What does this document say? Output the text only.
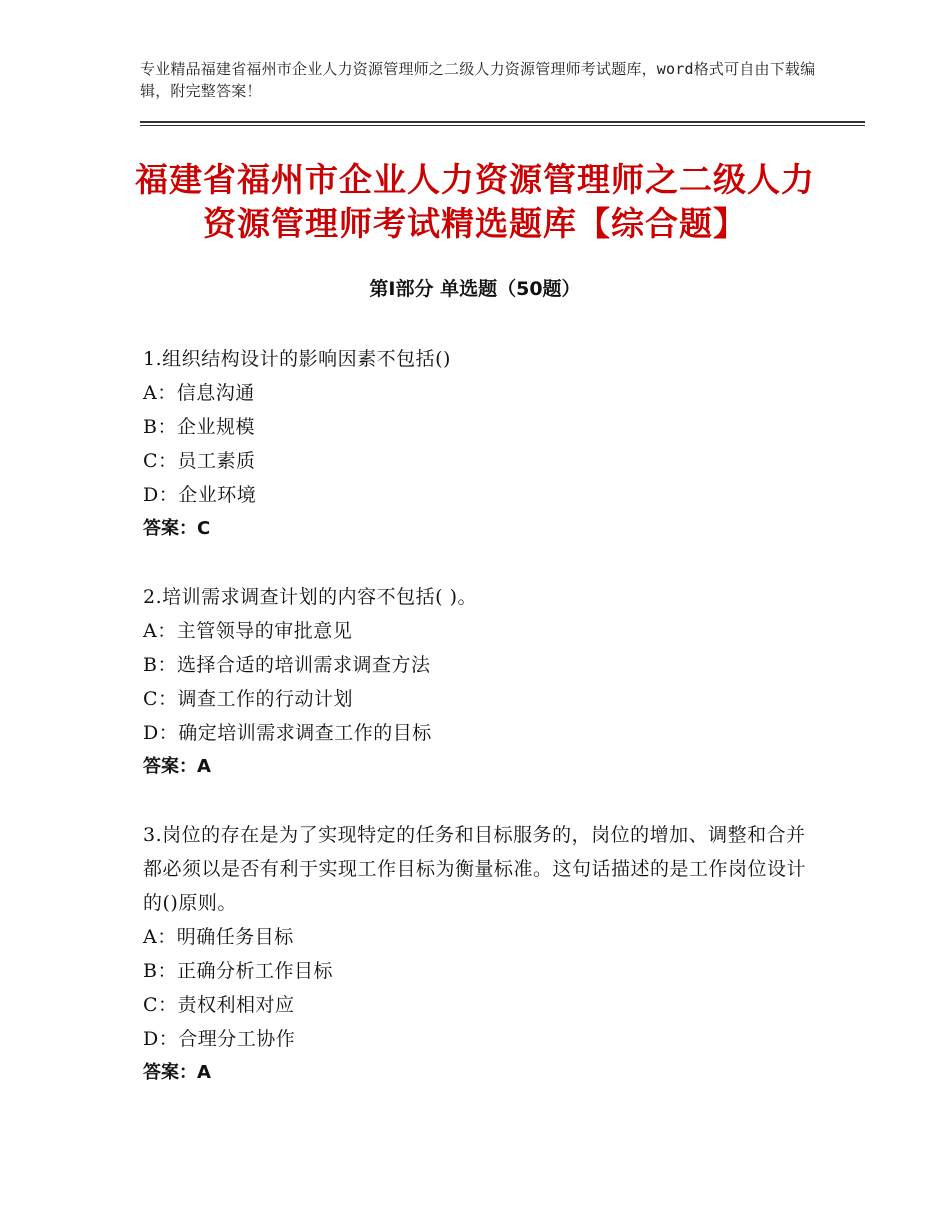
专业精品福建省福州市企业人力资源管理师之二级人力资源管理师考试题库，word格式可自由下载编辑，附完整答案！
福建省福州市企业人力资源管理师之二级人力资源管理师考试精选题库【综合题】
第Ⅰ部分 单选题（50题）
1.组织结构设计的影响因素不包括()
A：信息沟通
B：企业规模
C：员工素质
D：企业环境
答案：C
2.培训需求调查计划的内容不包括( )。
A：主管领导的审批意见
B：选择合适的培训需求调查方法
C：调查工作的行动计划
D：确定培训需求调查工作的目标
答案：A
3.岗位的存在是为了实现特定的任务和目标服务的，岗位的增加、调整和合并都必须以是否有利于实现工作目标为衡量标准。这句话描述的是工作岗位设计的()原则。
A：明确任务目标
B：正确分析工作目标
C：责权利相对应
D：合理分工协作
答案：A
